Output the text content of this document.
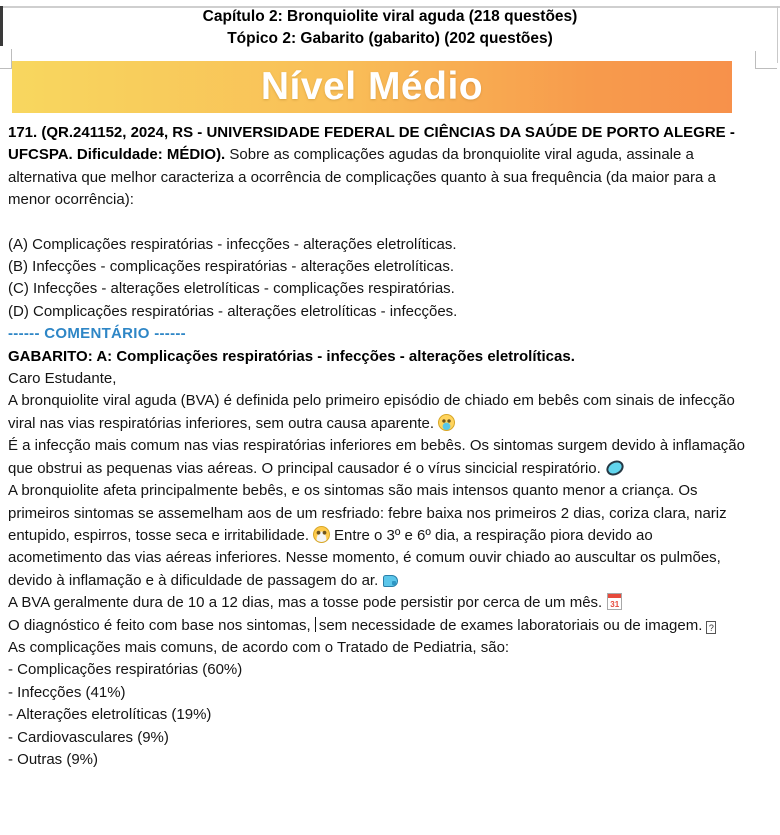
Capítulo 2: Bronquiolite viral aguda (218 questões)
Tópico 2: Gabarito (gabarito) (202 questões)
Nível Médio

171. (QR.241152, 2024, RS - UNIVERSIDADE FEDERAL DE CIÊNCIAS DA SAÚDE DE PORTO ALEGRE - UFCSPA. Dificuldade: MÉDIO). Sobre as complicações agudas da bronquiolite viral aguda, assinale a alternativa que melhor caracteriza a ocorrência de complicações quanto à sua frequência (da maior para a menor ocorrência):

(A) Complicações respiratórias - infecções - alterações eletrolíticas.

(B) Infecções - complicações respiratórias - alterações eletrolíticas.

(C) Infecções - alterações eletrolíticas - complicações respiratórias.

(D) Complicações respiratórias - alterações eletrolíticas - infecções.

------ COMENTÁRIO ------

GABARITO: A: Complicações respiratórias - infecções - alterações eletrolíticas.

Caro Estudante,

A bronquiolite viral aguda (BVA) é definida pelo primeiro episódio de chiado em bebês com sinais de infecção viral nas vias respiratórias inferiores, sem outra causa aparente.

É a infecção mais comum nas vias respiratórias inferiores em bebês. Os sintomas surgem devido à inflamação que obstrui as pequenas vias aéreas. O principal causador é o vírus sincicial respiratório.

A bronquiolite afeta principalmente bebês, e os sintomas são mais intensos quanto menor a criança. Os primeiros sintomas se assemelham aos de um resfriado: febre baixa nos primeiros 2 dias, coriza clara, nariz entupido, espirros, tosse seca e irritabilidade. Entre o 3º e 6º dia, a respiração piora devido ao acometimento das vias aéreas inferiores. Nesse momento, é comum ouvir chiado ao auscultar os pulmões, devido à inflamação e à dificuldade de passagem do ar.

A BVA geralmente dura de 10 a 12 dias, mas a tosse pode persistir por cerca de um mês. 31

O diagnóstico é feito com base nos sintomas, sem necessidade de exames laboratoriais ou de imagem. ?

As complicações mais comuns, de acordo com o Tratado de Pediatria, são:

- Complicações respiratórias (60%)

- Infecções (41%)

- Alterações eletrolíticas (19%)

- Cardiovasculares (9%)

- Outras (9%)
